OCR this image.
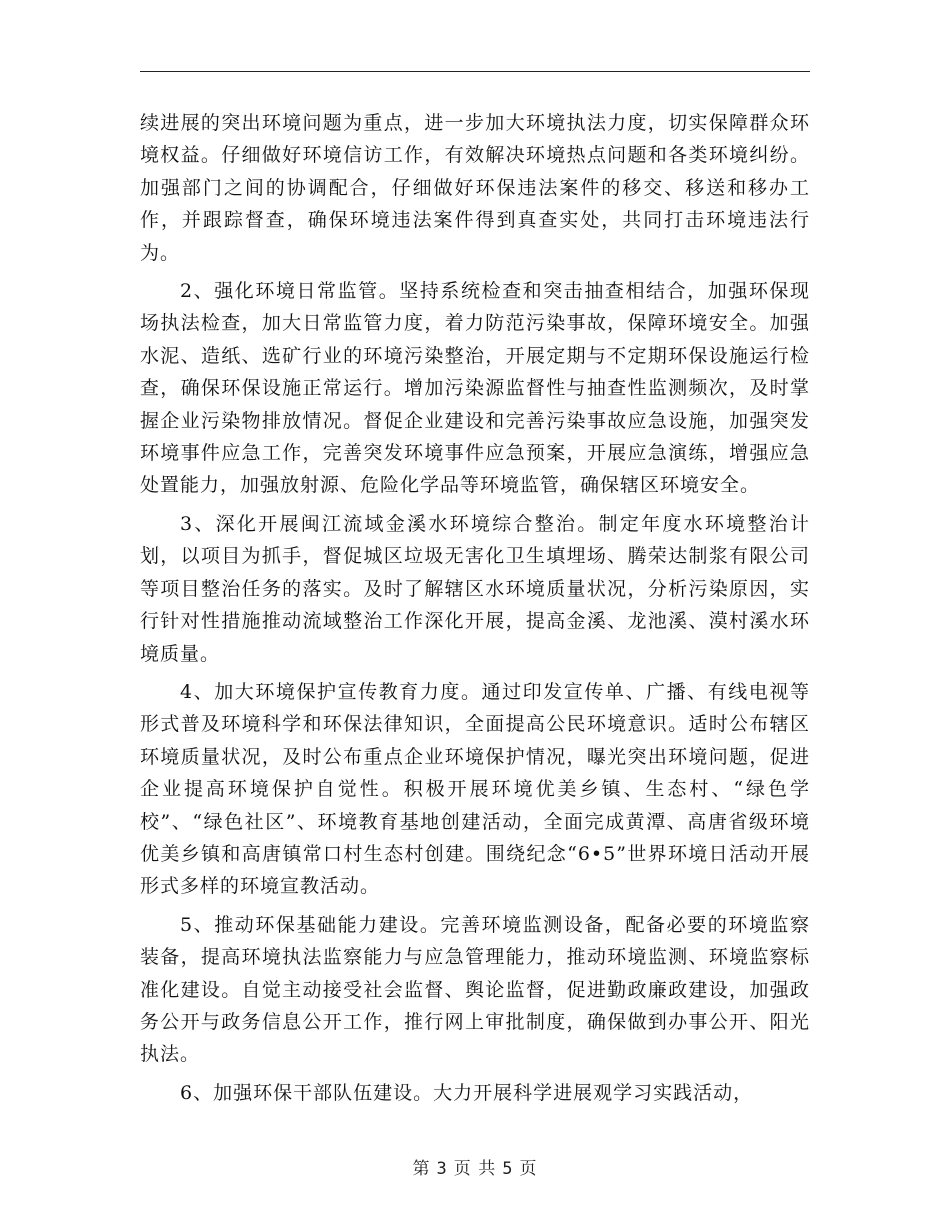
续进展的突出环境问题为重点，进一步加大环境执法力度，切实保障群众环境权益。仔细做好环境信访工作，有效解决环境热点问题和各类环境纠纷。加强部门之间的协调配合，仔细做好环保违法案件的移交、移送和移办工作，并跟踪督查，确保环境违法案件得到真查实处，共同打击环境违法行为。

2、强化环境日常监管。坚持系统检查和突击抽查相结合，加强环保现场执法检查，加大日常监管力度，着力防范污染事故，保障环境安全。加强水泥、造纸、选矿行业的环境污染整治，开展定期与不定期环保设施运行检查，确保环保设施正常运行。增加污染源监督性与抽查性监测频次，及时掌握企业污染物排放情况。督促企业建设和完善污染事故应急设施，加强突发环境事件应急工作，完善突发环境事件应急预案，开展应急演练，增强应急处置能力，加强放射源、危险化学品等环境监管，确保辖区环境安全。

3、深化开展闽江流域金溪水环境综合整治。制定年度水环境整治计划，以项目为抓手，督促城区垃圾无害化卫生填埋场、腾荣达制浆有限公司等项目整治任务的落实。及时了解辖区水环境质量状况，分析污染原因，实行针对性措施推动流域整治工作深化开展，提高金溪、龙池溪、漠村溪水环境质量。

4、加大环境保护宣传教育力度。通过印发宣传单、广播、有线电视等形式普及环境科学和环保法律知识，全面提高公民环境意识。适时公布辖区环境质量状况，及时公布重点企业环境保护情况，曝光突出环境问题，促进企业提高环境保护自觉性。积极开展环境优美乡镇、生态村、“绿色学校”、“绿色社区”、环境教育基地创建活动，全面完成黄潭、高唐省级环境优美乡镇和高唐镇常口村生态村创建。围绕纪念“6•5”世界环境日活动开展形式多样的环境宣教活动。

5、推动环保基础能力建设。完善环境监测设备，配备必要的环境监察装备，提高环境执法监察能力与应急管理能力，推动环境监测、环境监察标准化建设。自觉主动接受社会监督、舆论监督，促进勤政廉政建设，加强政务公开与政务信息公开工作，推行网上审批制度，确保做到办事公开、阳光执法。

6、加强环保干部队伍建设。大力开展科学进展观学习实践活动，

第 3 页 共 5 页
